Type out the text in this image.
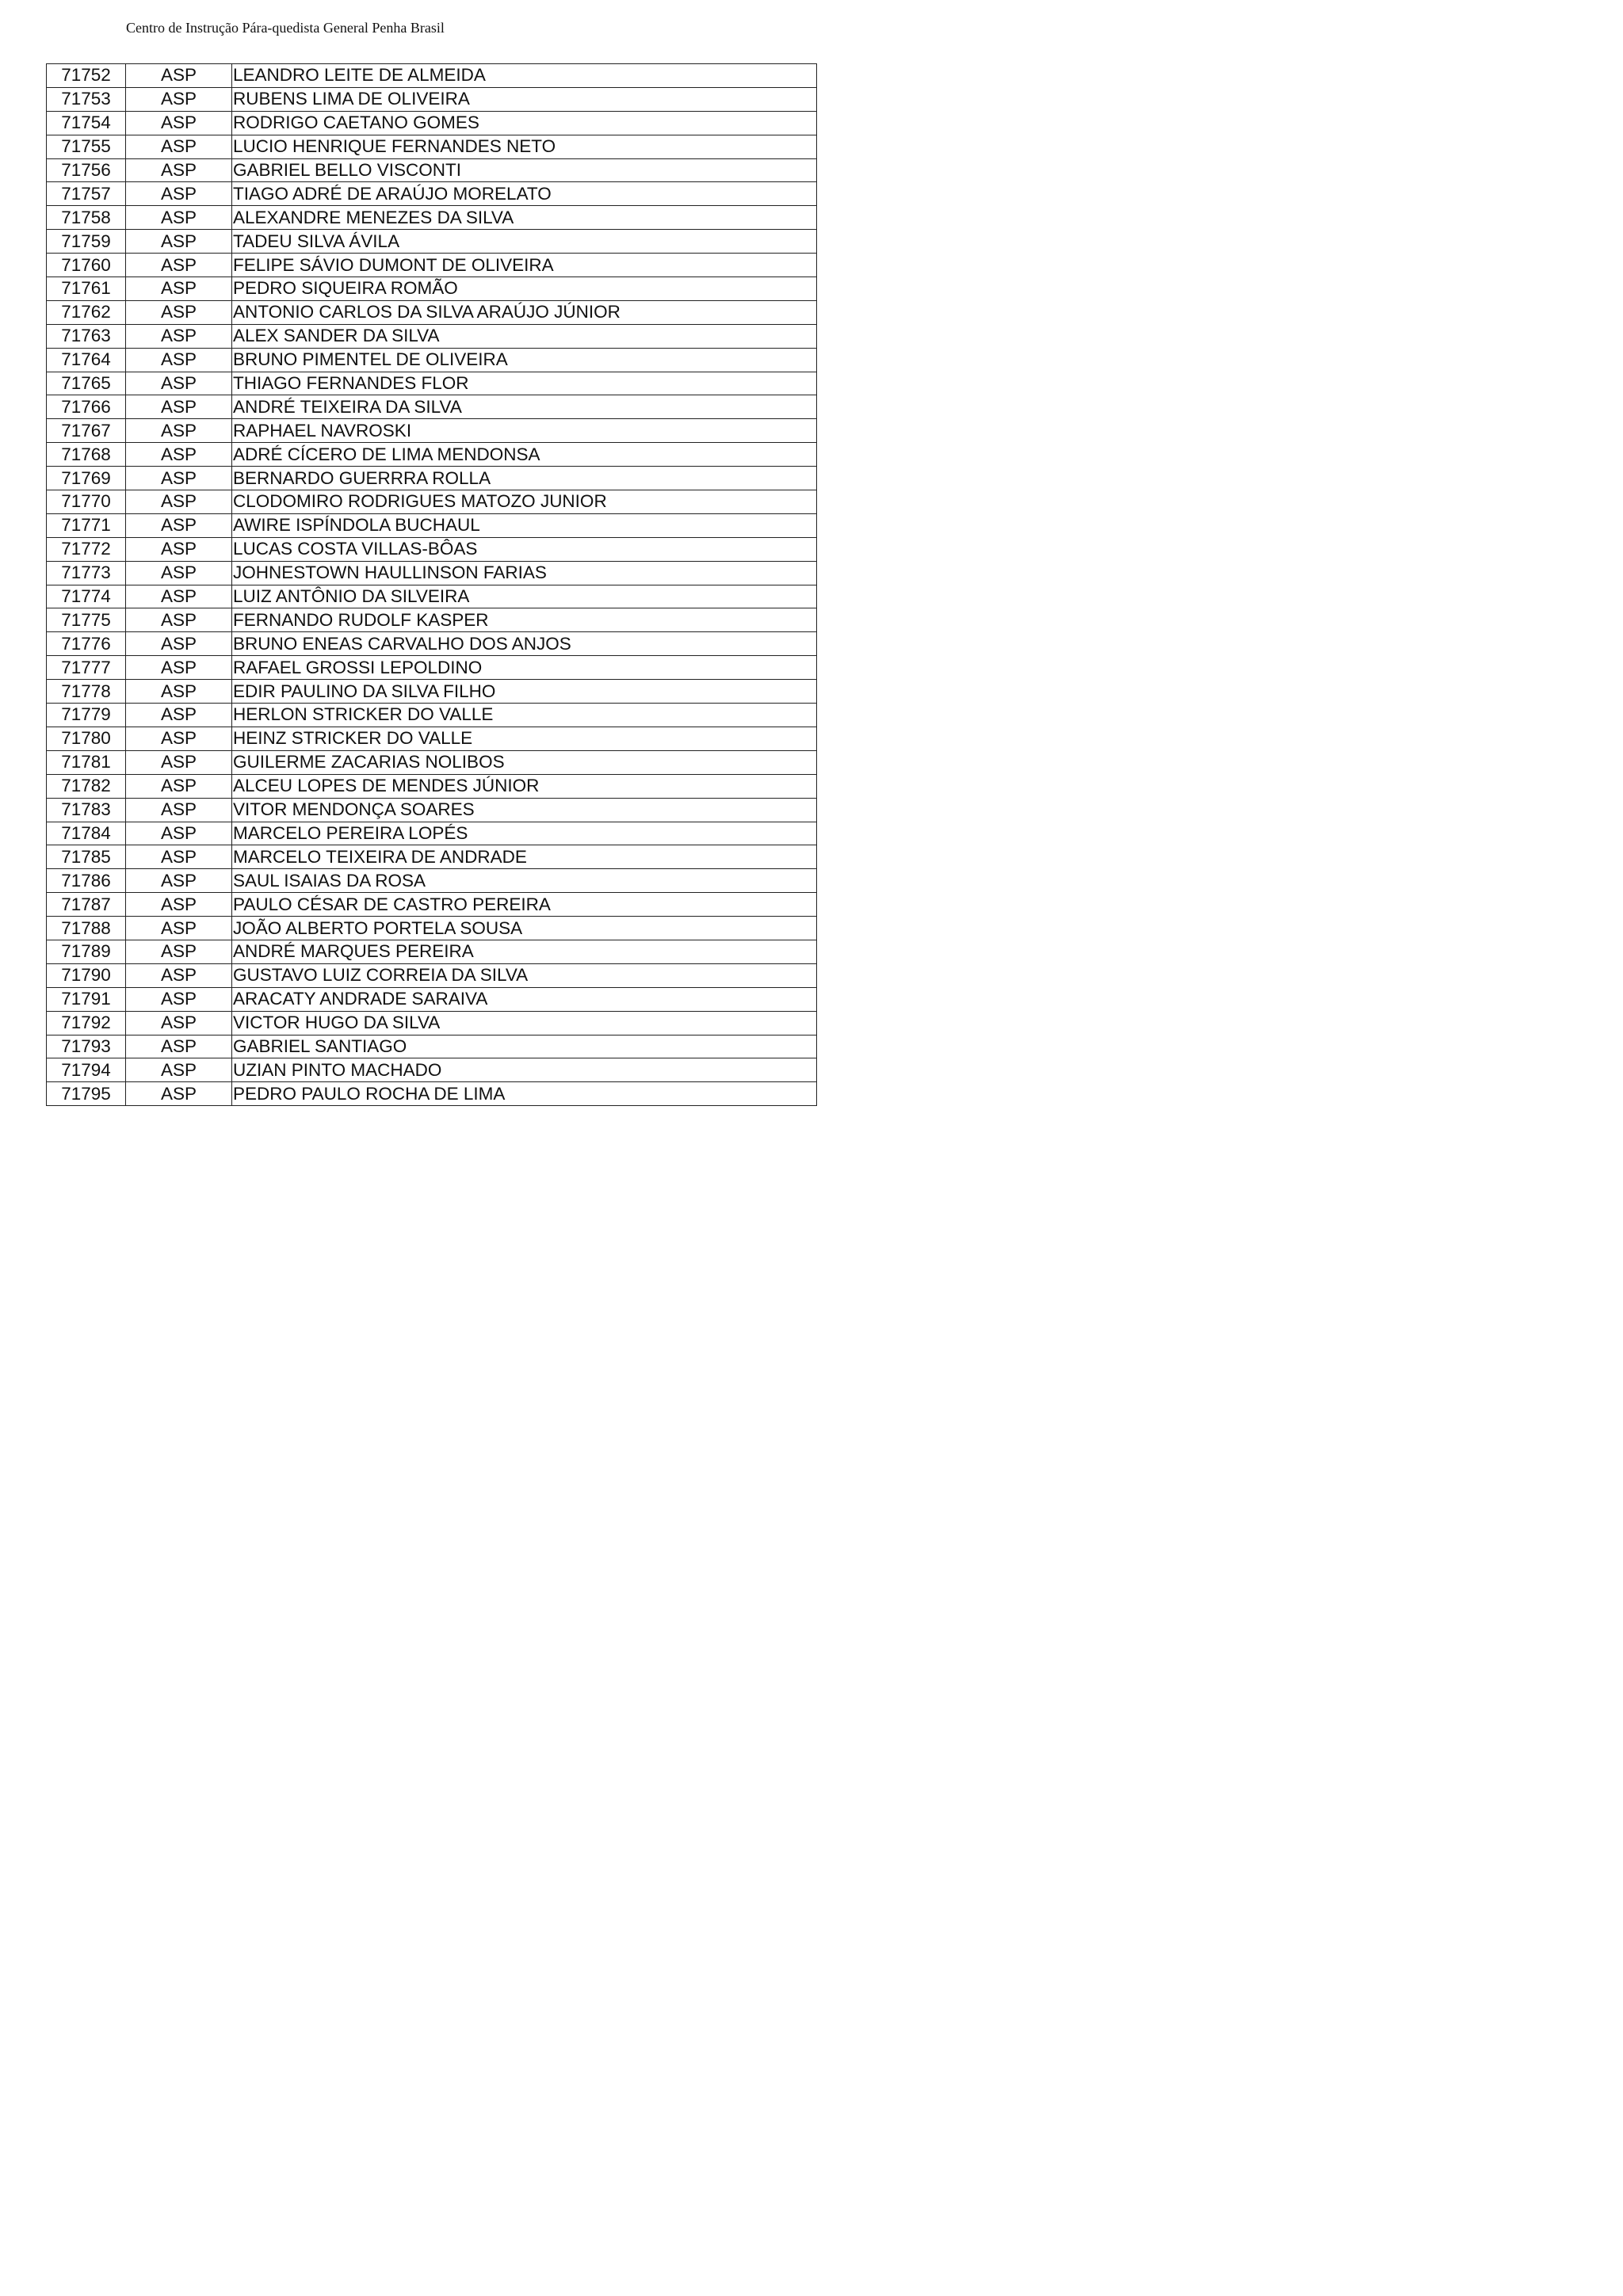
Centro de Instrução Pára-quedista General Penha Brasil
71752	ASP	LEANDRO LEITE DE ALMEIDA
71753	ASP	RUBENS LIMA DE OLIVEIRA
71754	ASP	RODRIGO CAETANO GOMES
71755	ASP	LUCIO HENRIQUE FERNANDES NETO
71756	ASP	GABRIEL BELLO VISCONTI
71757	ASP	TIAGO ADRÉ DE ARAÚJO MORELATO
71758	ASP	ALEXANDRE MENEZES DA SILVA
71759	ASP	TADEU SILVA ÁVILA
71760	ASP	FELIPE SÁVIO DUMONT DE OLIVEIRA
71761	ASP	PEDRO SIQUEIRA ROMÃO
71762	ASP	ANTONIO CARLOS DA SILVA ARAÚJO JÚNIOR
71763	ASP	ALEX SANDER DA SILVA
71764	ASP	BRUNO PIMENTEL DE OLIVEIRA
71765	ASP	THIAGO FERNANDES FLOR
71766	ASP	ANDRÉ TEIXEIRA DA SILVA
71767	ASP	RAPHAEL NAVROSKI
71768	ASP	ADRÉ CÍCERO DE LIMA MENDONSA
71769	ASP	BERNARDO GUERRRA ROLLA
71770	ASP	CLODOMIRO RODRIGUES MATOZO JUNIOR
71771	ASP	AWIRE ISPÍNDOLA BUCHAUL
71772	ASP	LUCAS COSTA VILLAS-BÔAS
71773	ASP	JOHNESTOWN HAULLINSON FARIAS
71774	ASP	LUIZ ANTÔNIO DA SILVEIRA
71775	ASP	FERNANDO RUDOLF KASPER
71776	ASP	BRUNO ENEAS CARVALHO DOS ANJOS
71777	ASP	RAFAEL GROSSI LEPOLDINO
71778	ASP	EDIR PAULINO DA SILVA FILHO
71779	ASP	HERLON STRICKER DO VALLE
71780	ASP	HEINZ STRICKER DO VALLE
71781	ASP	GUILERME ZACARIAS NOLIBOS
71782	ASP	ALCEU LOPES DE MENDES JÚNIOR
71783	ASP	VITOR MENDONÇA SOARES
71784	ASP	MARCELO PEREIRA LOPÉS
71785	ASP	MARCELO TEIXEIRA DE ANDRADE
71786	ASP	SAUL ISAIAS DA ROSA
71787	ASP	PAULO CÉSAR DE CASTRO PEREIRA
71788	ASP	JOÃO ALBERTO PORTELA SOUSA
71789	ASP	ANDRÉ MARQUES PEREIRA
71790	ASP	GUSTAVO LUIZ CORREIA DA SILVA
71791	ASP	ARACATY ANDRADE SARAIVA
71792	ASP	VICTOR HUGO DA SILVA
71793	ASP	GABRIEL SANTIAGO
71794	ASP	UZIAN PINTO MACHADO
71795	ASP	PEDRO PAULO ROCHA DE LIMA
